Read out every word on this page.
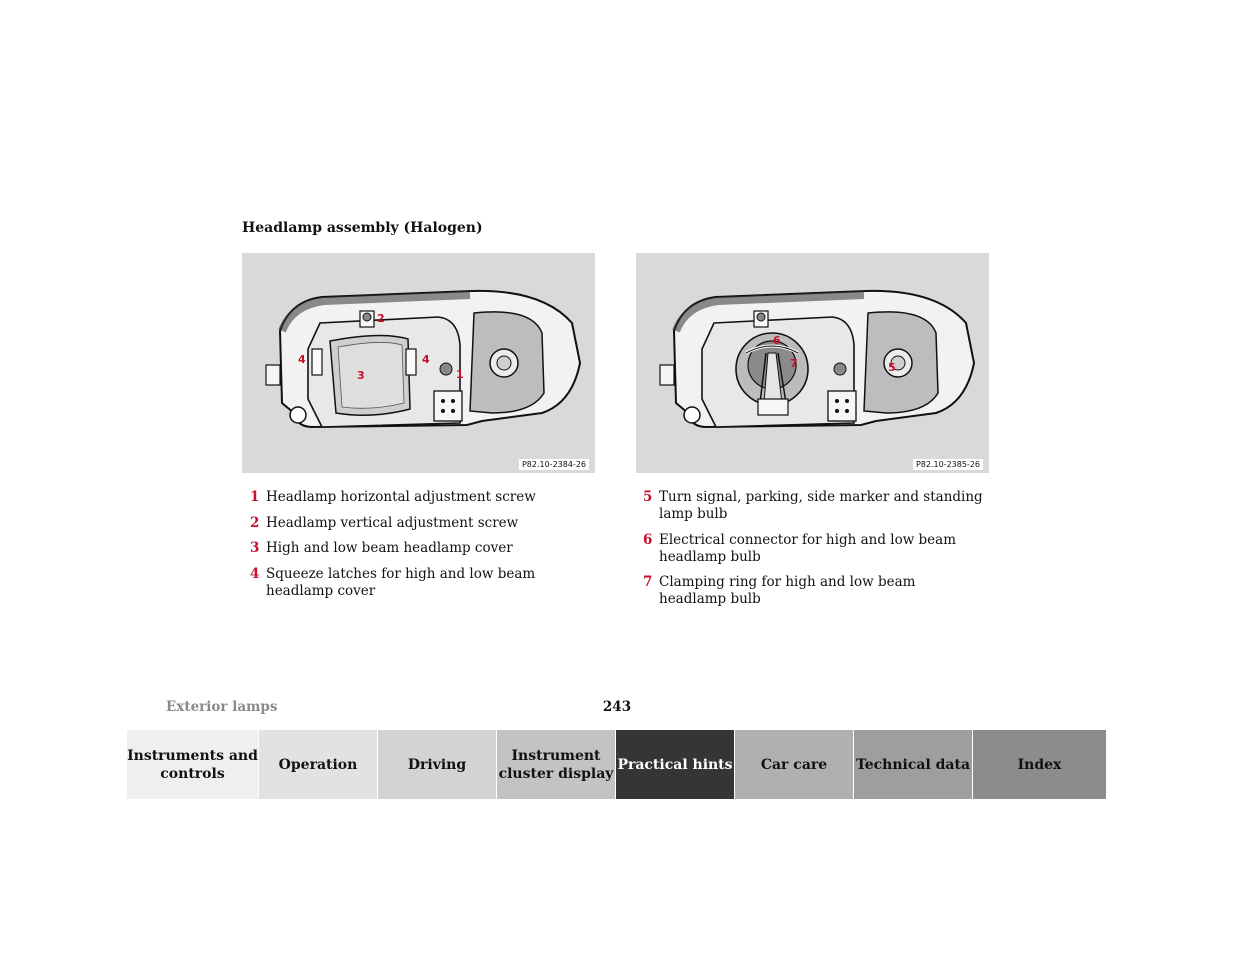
Headlamp assembly (Halogen)
2
4	4
3	1
P82.10-2384-26
6
7	5
P82.10-2385-26
1 Headlamp horizontal adjustment screw
2 Headlamp vertical adjustment screw
3 High and low beam headlamp cover
4 Squeeze latches for high and low beam headlamp cover
5 Turn signal, parking, side marker and standing lamp bulb
6 Electrical connector for high and low beam headlamp bulb
7 Clamping ring for high and low beam headlamp bulb
Exterior lamps	243
Instruments and controls
Operation	Driving
Instrument cluster display
Practical hints	Car care	Technical data	Index
